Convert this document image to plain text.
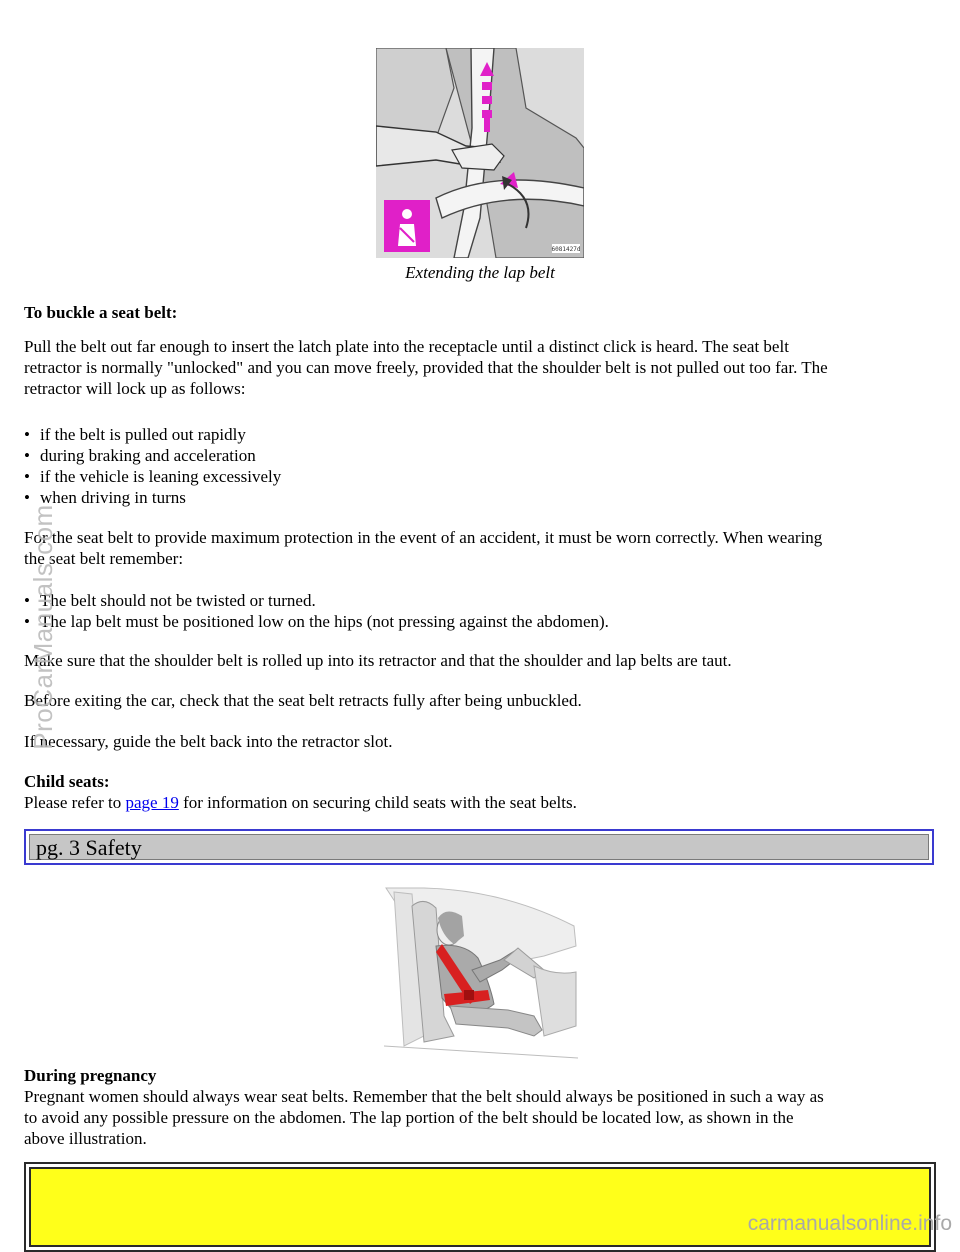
6081427d
Extending the lap belt
To buckle a seat belt:
Pull the belt out far enough to insert the latch plate into the receptacle until a distinct click is heard. The seat belt
retractor is normally "unlocked" and you can move freely, provided that the shoulder belt is not pulled out too far. The
retractor will lock up as follows:
• if the belt is pulled out rapidly
• during braking and acceleration
• if the vehicle is leaning excessively
• when driving in turns
For the seat belt to provide maximum protection in the event of an accident, it must be worn correctly. When wearing
the seat belt remember:
• The belt should not be twisted or turned.
• The lap belt must be positioned low on the hips (not pressing against the abdomen).
Make sure that the shoulder belt is rolled up into its retractor and that the shoulder and lap belts are taut.
Before exiting the car, check that the seat belt retracts fully after being unbuckled.
If necessary, guide the belt back into the retractor slot.
Child seats:
Please refer to page 19 for information on securing child seats with the seat belts.
pg. 3 Safety
During pregnancy
Pregnant women should always wear seat belts. Remember that the belt should always be positioned in such a way as
to avoid any possible pressure on the abdomen. The lap portion of the belt should be located low, as shown in the
above illustration.
ProCarManuals.com
carmanualsonline.info
